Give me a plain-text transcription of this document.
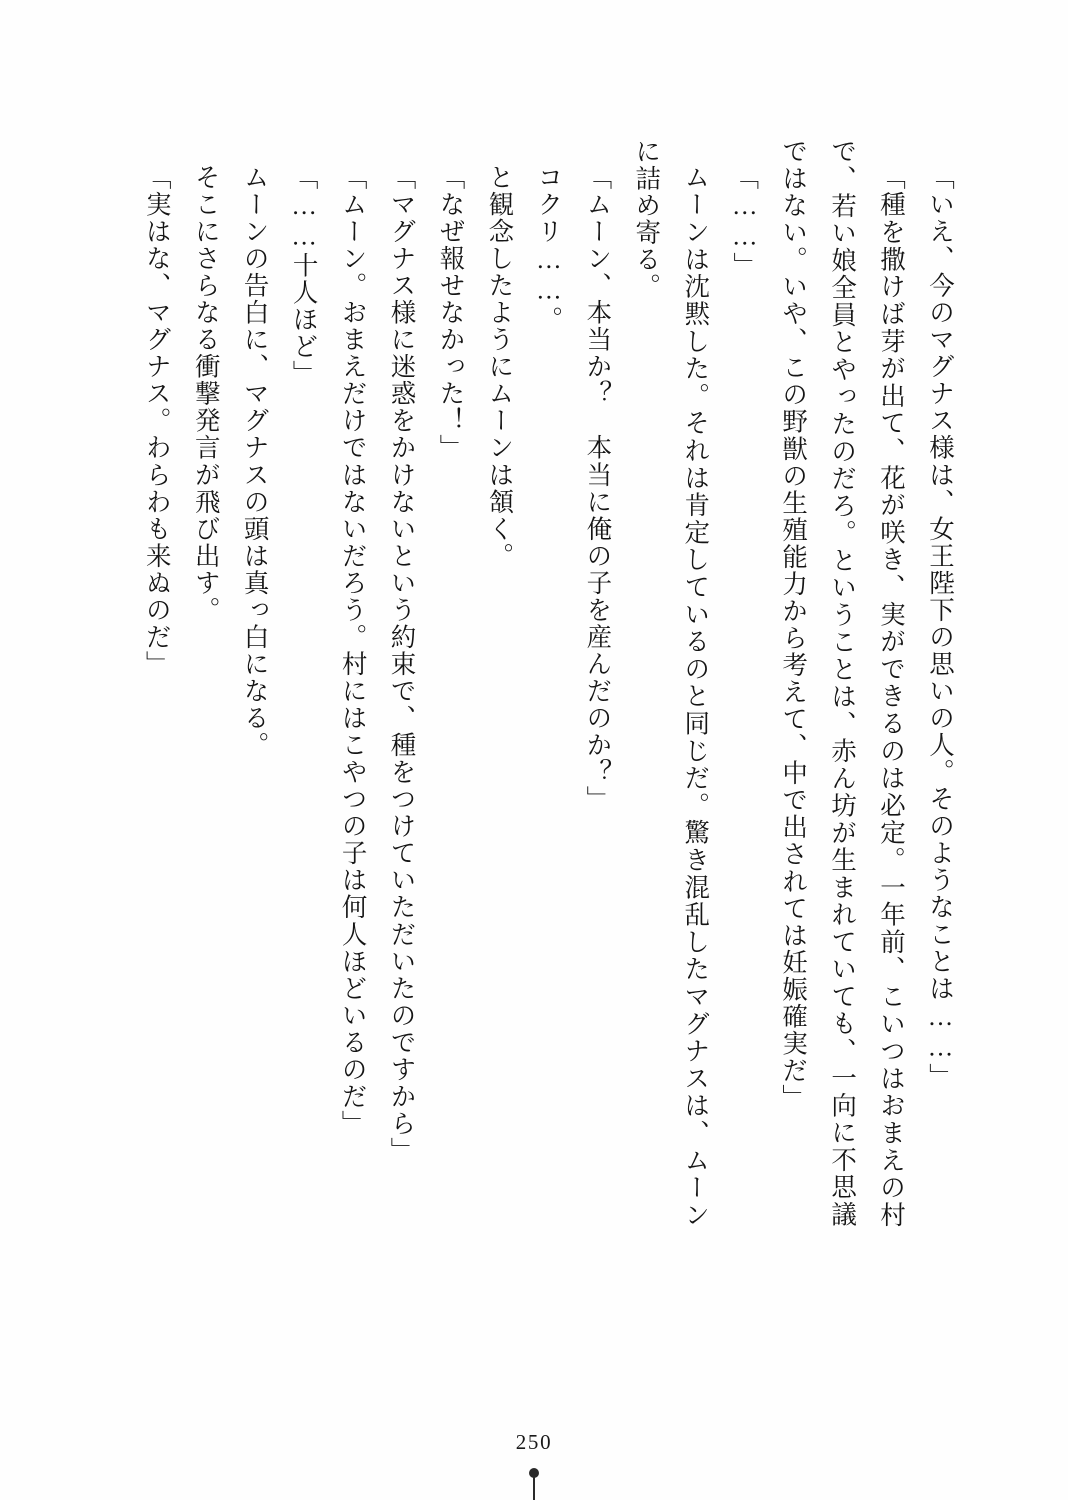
「いえ、今のマグナス様は、女王陛下の思いの人。そのようなことは……」

「種を撒けば芽が出て、花が咲き、実ができるのは必定。一年前、こいつはおまえの村で、若い娘全員とやったのだろ。ということは、赤ん坊が生まれていても、一向に不思議ではない。いや、この野獣の生殖能力から考えて、中で出されては妊娠確実だ」

「……」

ムーンは沈黙した。それは肯定しているのと同じだ。驚き混乱したマグナスは、ムーンに詰め寄る。

「ムーン、本当か？　本当に俺の子を産んだのか？」

コクリ……。

と観念したようにムーンは頷く。

「なぜ報せなかった！」

「マグナス様に迷惑をかけないという約束で、種をつけていただいたのですから」

「ムーン。おまえだけではないだろう。村にはこやつの子は何人ほどいるのだ」

「……十人ほど」

ムーンの告白に、マグナスの頭は真っ白になる。

そこにさらなる衝撃発言が飛び出す。

「実はな、マグナス。わらわも来ぬのだ」

250
